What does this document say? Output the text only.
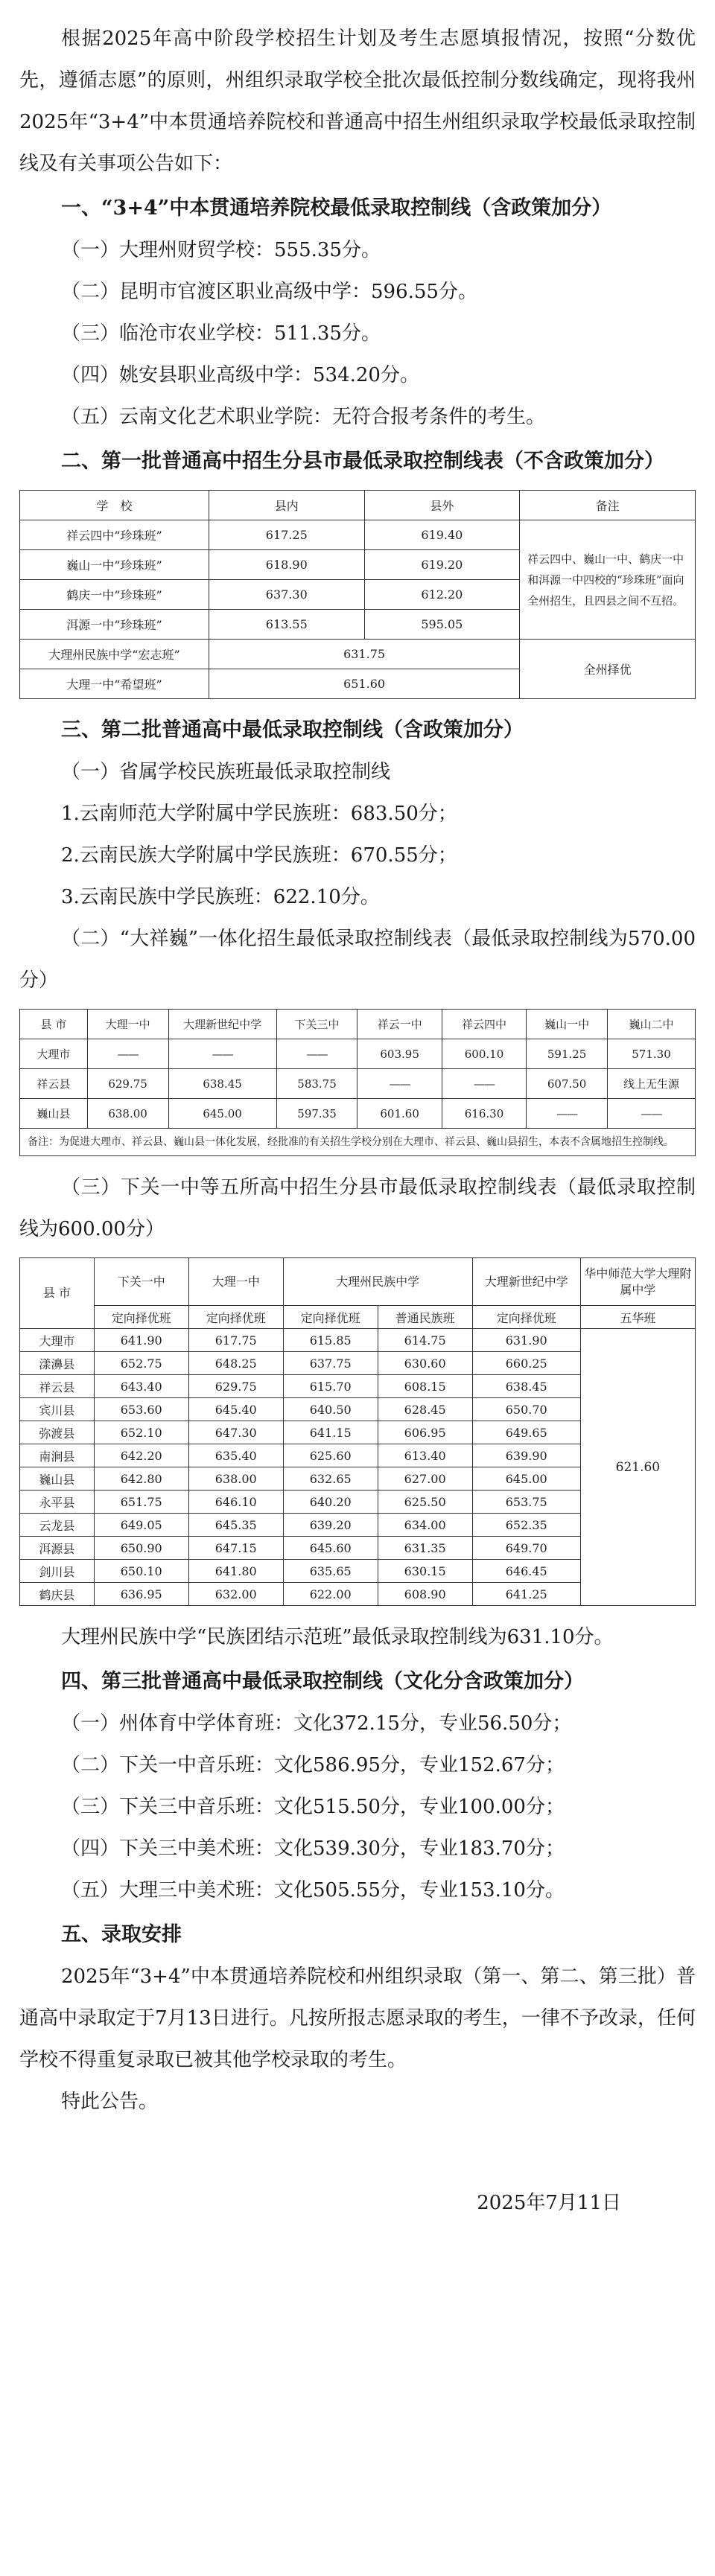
根据2025年高中阶段学校招生计划及考生志愿填报情况，按照“分数优先，遵循志愿”的原则，州组织录取学校全批次最低控制分数线确定，现将我州2025年“3+4”中本贯通培养院校和普通高中招生州组织录取学校最低录取控制线及有关事项公告如下：

一、“3+4”中本贯通培养院校最低录取控制线（含政策加分）

（一）大理州财贸学校：555.35分。

（二）昆明市官渡区职业高级中学：596.55分。

（三）临沧市农业学校：511.35分。

（四）姚安县职业高级中学：534.20分。

（五）云南文化艺术职业学院：无符合报考条件的考生。

二、第一批普通高中招生分县市最低录取控制线表（不含政策加分）

学　校	县内	县外	备注
祥云四中“珍珠班”	617.25	619.40	祥云四中、巍山一中、鹤庆一中和洱源一中四校的“珍珠班”面向全州招生，且四县之间不互招。
巍山一中“珍珠班”	618.90	619.20	
鹤庆一中“珍珠班”	637.30	612.20	
洱源一中“珍珠班”	613.55	595.05	
大理州民族中学“宏志班”	631.75		全州择优
大理一中“希望班”	651.60		

三、第二批普通高中最低录取控制线（含政策加分）

（一）省属学校民族班最低录取控制线

1.云南师范大学附属中学民族班：683.50分；

2.云南民族大学附属中学民族班：670.55分；

3.云南民族中学民族班：622.10分。

（二）“大祥巍”一体化招生最低录取控制线表（最低录取控制线为570.00分）

县 市	大理一中	大理新世纪中学	下关三中	祥云一中	祥云四中	巍山一中	巍山二中
大理市	——	——	——	603.95	600.10	591.25	571.30
祥云县	629.75	638.45	583.75	——	——	607.50	线上无生源
巍山县	638.00	645.00	597.35	601.60	616.30	——	——
备注：为促进大理市、祥云县、巍山县一体化发展，经批准的有关招生学校分别在大理市、祥云县、巍山县招生，本表不含属地招生控制线。							

（三）下关一中等五所高中招生分县市最低录取控制线表（最低录取控制线为600.00分）

县 市	下关一中	大理一中	大理州民族中学		大理新世纪中学	华中师范大学大理附属中学
	定向择优班	定向择优班	定向择优班	普通民族班	定向择优班	五华班
大理市	641.90	617.75	615.85	614.75	631.90	621.60
漾濞县	652.75	648.25	637.75	630.60	660.25	
祥云县	643.40	629.75	615.70	608.15	638.45	
宾川县	653.60	645.40	640.50	628.45	650.70	
弥渡县	652.10	647.30	641.15	606.95	649.65	
南涧县	642.20	635.40	625.60	613.40	639.90	
巍山县	642.80	638.00	632.65	627.00	645.00	
永平县	651.75	646.10	640.20	625.50	653.75	
云龙县	649.05	645.35	639.20	634.00	652.35	
洱源县	650.90	647.15	645.60	631.35	649.70	
剑川县	650.10	641.80	635.65	630.15	646.45	
鹤庆县	636.95	632.00	622.00	608.90	641.25	

大理州民族中学“民族团结示范班”最低录取控制线为631.10分。

四、第三批普通高中最低录取控制线（文化分含政策加分）

（一）州体育中学体育班：文化372.15分，专业56.50分；

（二）下关一中音乐班：文化586.95分，专业152.67分；

（三）下关三中音乐班：文化515.50分，专业100.00分；

（四）下关三中美术班：文化539.30分，专业183.70分；

（五）大理三中美术班：文化505.55分，专业153.10分。

五、录取安排

2025年“3+4”中本贯通培养院校和州组织录取（第一、第二、第三批）普通高中录取定于7月13日进行。凡按所报志愿录取的考生，一律不予改录，任何学校不得重复录取已被其他学校录取的考生。

特此公告。

2025年7月11日
